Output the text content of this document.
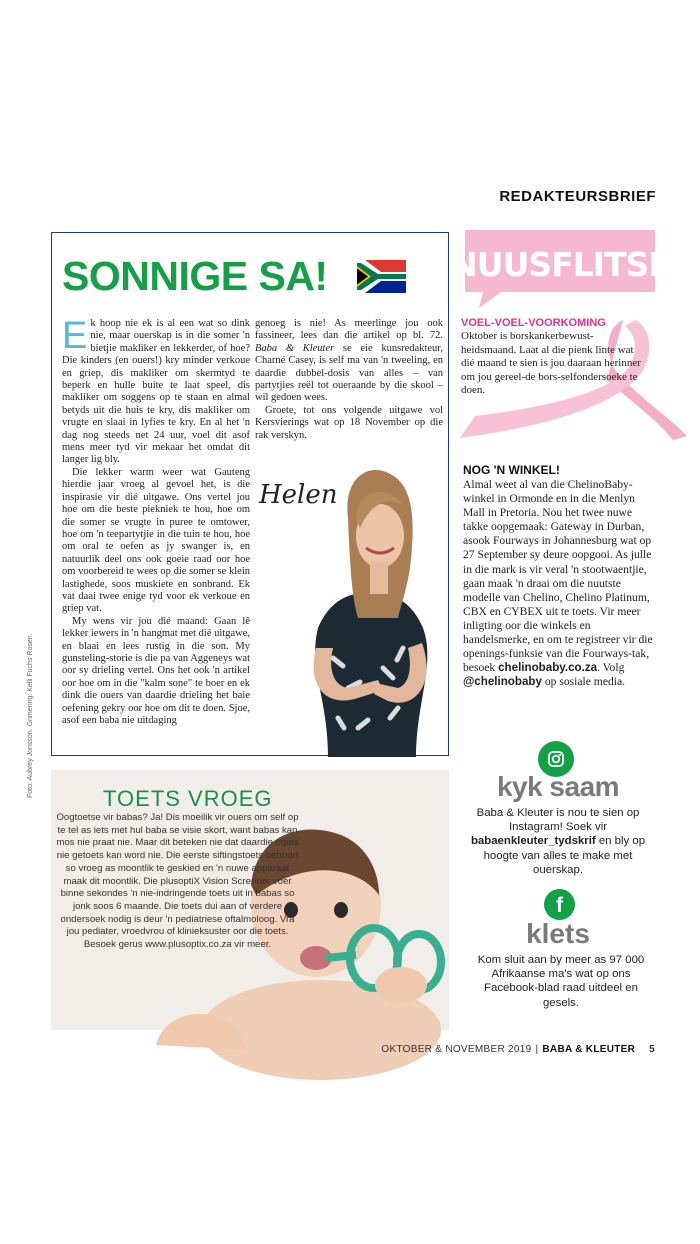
REDAKTEURSBRIEF
SONNIGE SA!

Ek hoop nie ek is al een wat so dink nie, maar ouerskap is in die somer 'n bietjie makliker en lekkerder, of hoe? Die kinders (en ouers!) kry minder verkoue en griep, dis makliker om skermtyd te beperk en hulle buite te laat speel, dis makliker om soggens op te staan en almal betyds uit die huis te kry, dis makliker om vrugte en slaai in lyfies te kry. En al het 'n dag nog steeds net 24 uur, voel dit asof mens meer tyd vir mekaar het omdat dit langer lig bly.

Die lekker warm weer wat Gauteng hierdie jaar vroeg al gevoel het, is die inspirasie vir dié uitgawe. Ons vertel jou hoe om die beste piekniek te hou, hoe om die somer se vrugte in puree te omtower, hoe om 'n teepartytjie in die tuin te hou, hoe om oral te oefen as jy swanger is, en natuurlik deel ons ook goeie raad oor hoe om voorbereid te wees op die somer se klein lastighede, soos muskiete en sonbrand. Ek vat daai twee enige tyd voor ek verkoue en griep vat.

My wens vir jou dié maand: Gaan lê lekker iewers in 'n hangmat met dié uitgawe, en blaai en lees rustig in die son. My gunsteling-storie is die pa van Aggeneys wat oor sy drieling vertel. Ons het ook 'n artikel oor hoe om in die "kalm sone" te boer en ek dink die ouers van daardie drieling het baie oefening gekry oor hoe om dit te doen. Sjoe, asof een baba nie uitdaging

genoeg is nie! As meerlinge jou ook fassineer, lees dan die artikel op bl. 72. Baba & Kleuter se eie kunsredakteur, Charné Casey, is self ma van 'n tweeling, en daardie dubbel-dosis van alles – van partytjies reël tot oueraande by die skool – wil gedoen wees.

Groete, tot ons volgende uitgawe vol Kersvierings wat op 18 November op die rak verskyn.

Helen
Foto: Aubrey Jonsson. Grimering: Kelli Fuchs Rosen.
TOETS VROEG
Oogtoetse vir babas? Ja! Dis moeilik vir ouers om self op te tel as iets met hul baba se visie skort, want babas kan mos nie praat nie. Maar dit beteken nie dat daardie ogies nie getoets kan word nie. Die eerste siftingstoets behoort so vroeg as moontlik te geskied en 'n nuwe apparaat maak dit moontlik. Die plusoptiX Vision Screener voer binne sekondes 'n nie-indringende toets uit in babas so jonk soos 6 maande. Die toets dui aan of verdere ondersoek nodig is deur 'n pediatriese oftalmoloog. Vra jou pediater, vroedvrou of klinieksuster oor die toets. Besoek gerus www.plusoptix.co.za vir meer.
NUUSFLITSE
VOEL-VOEL-VOORKOMING
Oktober is borskankerbewust-heidsmaand. Laat al die pienk linte wat dié maand te sien is jou daaraan herinner om jou gereel-de bors-selfondersoeke te doen.
NOG 'N WINKEL!
Almal weet al van die ChelinoBaby-winkel in Ormonde en in die Menlyn Mall in Pretoria. Nou het twee nuwe takke oopgemaak: Gateway in Durban, asook Fourways in Johannesburg wat op 27 September sy deure oopgooi. As julle in die mark is vir veral 'n stootwaentjie, gaan maak 'n draai om die nuutste modelle van Chelino, Chelino Platinum, CBX en CYBEX uit te toets. Vir meer inligting oor die winkels en handelsmerke, en om te registreer vir die openings-funksie van die Fourways-tak, besoek chelinobaby.co.za. Volg
@chelinobaby op sosiale media.
kyk saam
Baba & Kleuter is nou te sien op Instagram! Soek vir babaenkleuter_tydskrif en bly op hoogte van alles te make met ouerskap.
f
klets
Kom sluit aan by meer as 97 000 Afrikaanse ma's wat op ons Facebook-blad raad uitdeel en gesels.
OKTOBER & NOVEMBER 2019 | BABA & KLEUTER 5
